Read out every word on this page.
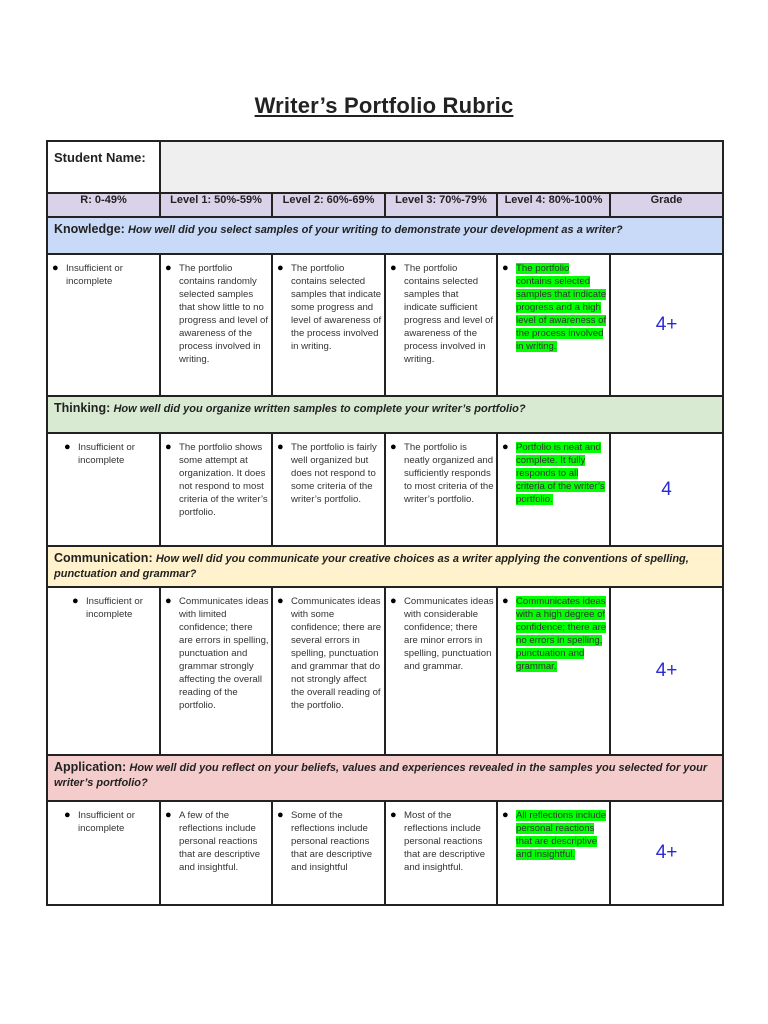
Writer’s Portfolio Rubric
Student Name:					
R: 0-49%	Level 1: 50%-59%	Level 2: 60%-69%	Level 3: 70%-79%	Level 4: 80%-100%	Grade
Knowledge: How well did you select samples of your writing to demonstrate your development as a writer?					

● Insufficient or incomplete	● The portfolio contains randomly selected samples that show little to no progress and level of awareness of the process involved in writing.	● The portfolio contains selected samples that indicate some progress and level of awareness of the process involved in writing.	● The portfolio contains selected samples that indicate sufficient progress and level of awareness of the process involved in writing.	● The portfolio contains selected samples that indicate progress and a high level of awareness of the process involved in writing.	4+
Thinking: How well did you organize written samples to complete your writer’s portfolio?					

● Insufficient or incomplete	● The portfolio shows some attempt at organization. It does not respond to most criteria of the writer’s portfolio.	● The portfolio is fairly well organized but does not respond to some criteria of the writer’s portfolio.	● The portfolio is neatly organized and sufficiently responds to most criteria of the writer’s portfolio.	● Portfolio is neat and complete. It fully responds to all criteria of the writer’s portfolio.	4
Communication: How well did you communicate your creative choices as a writer applying the conventions of spelling, punctuation and grammar?					

● Insufficient or incomplete	● Communicates ideas with limited confidence; there are errors in spelling, punctuation and grammar strongly affecting the overall reading of the portfolio.	● Communicates ideas with some confidence; there are several errors in spelling, punctuation and grammar that do not strongly affect the overall reading of the portfolio.	● Communicates ideas with considerable confidence; there are minor errors in spelling, punctuation and grammar.	● Communicates ideas with a high degree of confidence; there are no errors in spelling, punctuation and grammar.	4+
Application: How well did you reflect on your beliefs, values and experiences revealed in the samples you selected for your writer’s portfolio?					

● Insufficient or incomplete	● A few of the reflections include personal reactions that are descriptive and insightful.	● Some of the reflections include personal reactions that are descriptive and insightful	● Most of the reflections include personal reactions that are descriptive and insightful.	● All reflections include personal reactions that are descriptive and insightful.	4+
